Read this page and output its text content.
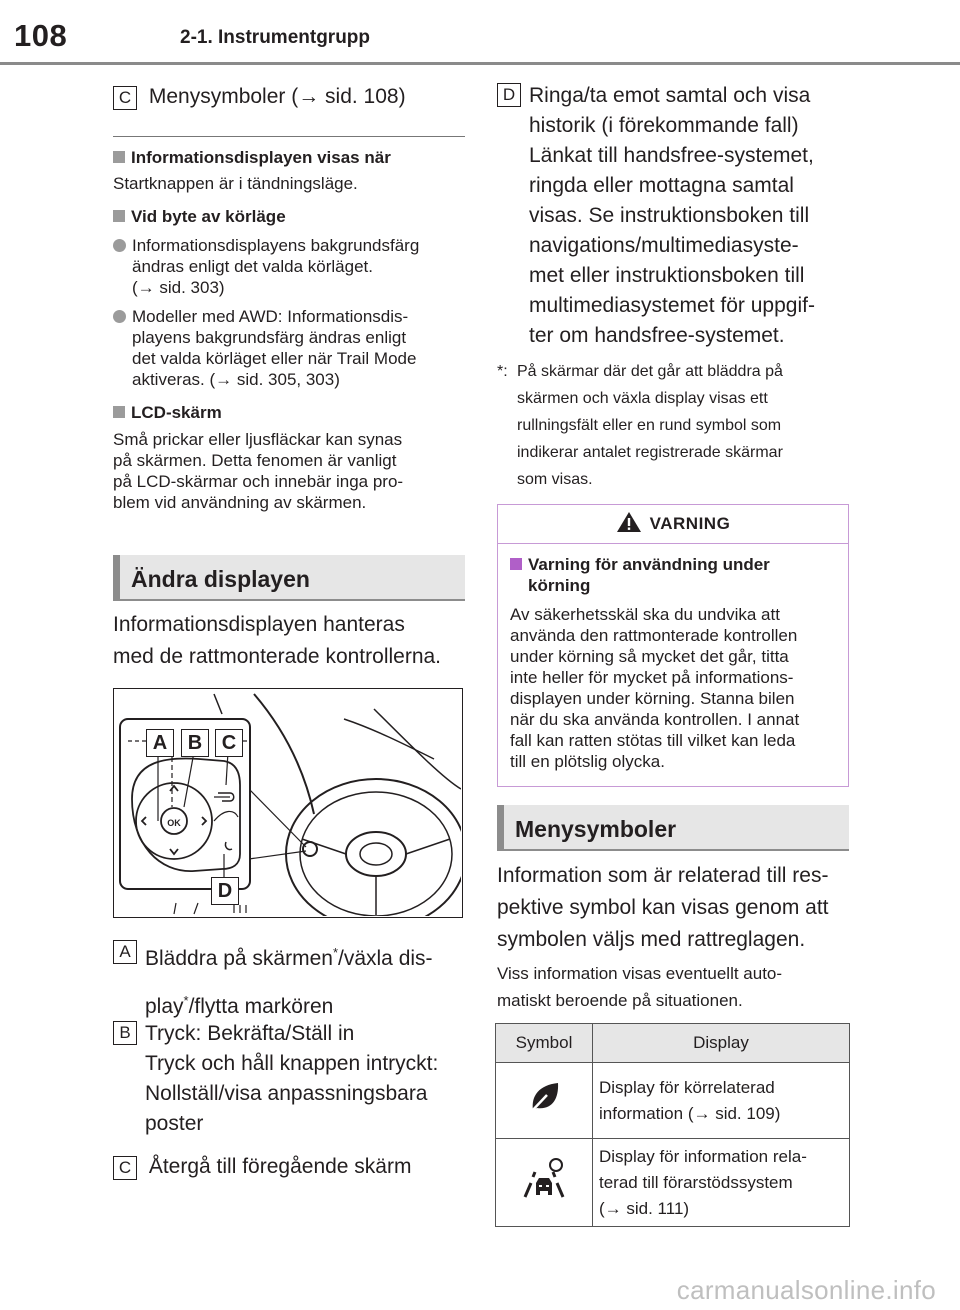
108	2-1. Instrumentgrupp
C Menysymboler (→ sid. 108)
Informationsdisplayen visas när
Startknappen är i tändningsläge.
Vid byte av körläge
Informationsdisplayens bakgrundsfärg
ändras enligt det valda körläget.
(→ sid. 303)
Modeller med AWD: Informationsdis-
playens bakgrundsfärg ändras enligt
det valda körläget eller när Trail Mode
aktiveras. (→ sid. 305, 303)
LCD-skärm
Små prickar eller ljusfläckar kan synas
på skärmen. Detta fenomen är vanligt
på LCD-skärmar och innebär inga pro-
blem vid användning av skärmen.
Ändra displayen
Informationsdisplayen hanteras
med de rattmonterade kontrollerna.
OK
A	B C
D
A Bläddra på skärmen*/växla dis-
play*/flytta markören
B Tryck: Bekräfta/Ställ in
Tryck och håll knappen intryckt:
Nollställ/visa anpassningsbara
poster
C Återgå till föregående skärm
D Ringa/ta emot samtal och visa
historik (i förekommande fall)
Länkat till handsfree-systemet,
ringda eller mottagna samtal
visas. Se instruktionsboken till
navigations/multimediasyste-
met eller instruktionsboken till
multimediasystemet för uppgif-
ter om handsfree-systemet.
*: På skärmar där det går att bläddra på
skärmen och växla display visas ett
rullningsfält eller en rund symbol som
indikerar antalet registrerade skärmar
som visas.
VARNING
Varning för användning under
körning
Av säkerhetsskäl ska du undvika att
använda den rattmonterade kontrollen
under körning så mycket det går, titta
inte heller för mycket på informations-
displayen under körning. Stanna bilen
när du ska använda kontrollen. I annat
fall kan ratten stötas till vilket kan leda
till en plötslig olycka.
Menysymboler
Information som är relaterad till res-
pektive symbol kan visas genom att
symbolen väljs med rattreglagen.
Viss information visas eventuellt auto-
matiskt beroende på situationen.
Symbol	Display

Display för körrelaterad
information (→ sid. 109)

Display för information rela-
terad till förarstödssystem
(→ sid. 111)
carmanualsonline.info
